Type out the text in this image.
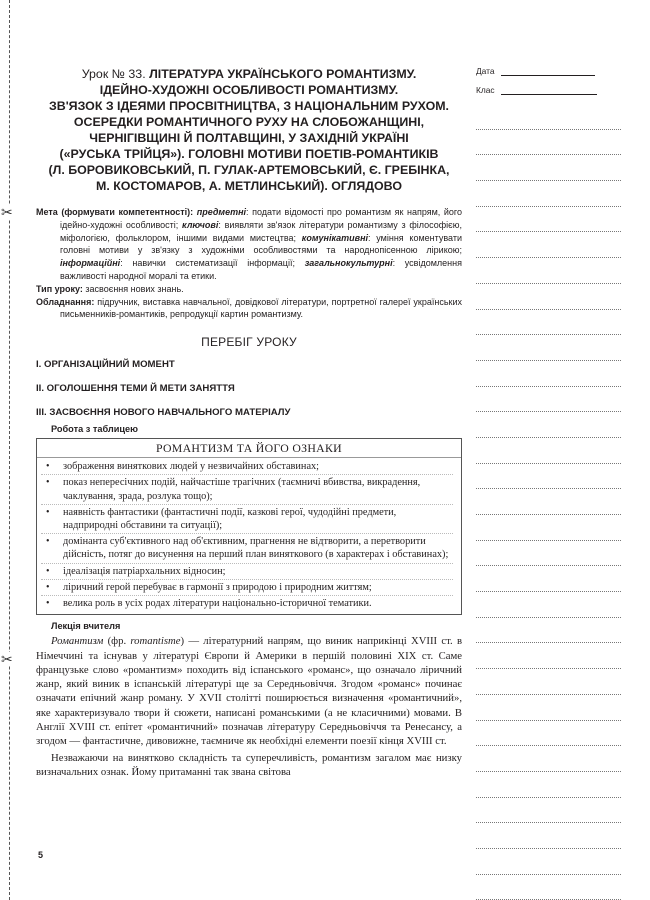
✂
✂
Урок № 33. ЛІТЕРАТУРА УКРАЇНСЬКОГО РОМАНТИЗМУ.
ІДЕЙНО-ХУДОЖНІ ОСОБЛИВОСТІ РОМАНТИЗМУ.
ЗВ'ЯЗОК З ІДЕЯМИ ПРОСВІТНИЦТВА, З НАЦІОНАЛЬНИМ РУХОМ.
ОСЕРЕДКИ РОМАНТИЧНОГО РУХУ НА СЛОБОЖАНЩИНІ,
ЧЕРНІГІВЩИНІ Й ПОЛТАВЩИНІ, У ЗАХІДНІЙ УКРАЇНІ
(«РУСЬКА ТРІЙЦЯ»). ГОЛОВНІ МОТИВИ ПОЕТІВ-РОМАНТИКІВ
(Л. БОРОВИКОВСЬКИЙ, П. ГУЛАК-АРТЕМОВСЬКИЙ, Є. ГРЕБІНКА,
М. КОСТОМАРОВ, А. МЕТЛИНСЬКИЙ). ОГЛЯДОВО
Мета (формувати компетентності): предметні: подати відомості про романтизм як напрям, його ідейно-художні особливості; ключові: виявляти зв'язок літератури романтизму з філософією, міфологією, фольклором, іншими видами мистецтва; комунікативні: уміння коментувати головні мотиви у зв'язку з художніми особливостями та народнопісенною лірикою; інформаційні: навички систематизації інформації; загальнокультурні: усвідомлення важливості народної моралі та етики.
Тип уроку: засвоєння нових знань.
Обладнання: підручник, виставка навчальної, довідкової літератури, портретної галереї українських письменників-романтиків, репродукції картин романтизму.
ПЕРЕБІГ УРОКУ
I. ОРГАНІЗАЦІЙНИЙ МОМЕНТ
II. ОГОЛОШЕННЯ ТЕМИ Й МЕТИ ЗАНЯТТЯ
III. ЗАСВОЄННЯ НОВОГО НАВЧАЛЬНОГО МАТЕРІАЛУ
Робота з таблицею
РОМАНТИЗМ ТА ЙОГО ОЗНАКИ
• зображення виняткових людей у незвичайних обставинах;
• показ непересічних подій, найчастіше трагічних (таємничі вбивства, викрадення, чаклування, зрада, розлука тощо);
• наявність фантастики (фантастичні події, казкові герої, чудодійні предмети, надприродні обставини та ситуації);
• домінанта суб'єктивного над об'єктивним, прагнення не відтворити, а перетворити дійсність, потяг до висунення на перший план виняткового (в характерах і обставинах);
• ідеалізація патріархальних відносин;
• ліричний герой перебуває в гармонії з природою і природним життям;
• велика роль в усіх родах літератури національно-історичної тематики.
Лекція вчителя

Романтизм (фр. romantisme) — літературний напрям, що виник наприкінці XVIII ст. в Німеччині та існував у літературі Європи й Америки в першій половині XIX ст. Саме французьке слово «романтизм» походить від іспанського «романс», що означало ліричний жанр, який виник в іспанській літературі ще за Середньовіччя. Згодом «романс» починає означати епічний жанр роману. У XVII столітті поширюється визначення «романтичний», яке характеризувало твори й сюжети, написані романськими (а не класичними) мовами. В Англії XVIII ст. епітет «романтичний» позначав літературу Середньовіччя та Ренесансу, а згодом — фантастичне, дивовижне, таємниче як необхідні елементи поезії кінця XVIII ст.

Незважаючи на винятково складність та суперечливість, романтизм загалом має низку визначальних ознак. Йому притаманні так звана світова

5
Дата
Клас
